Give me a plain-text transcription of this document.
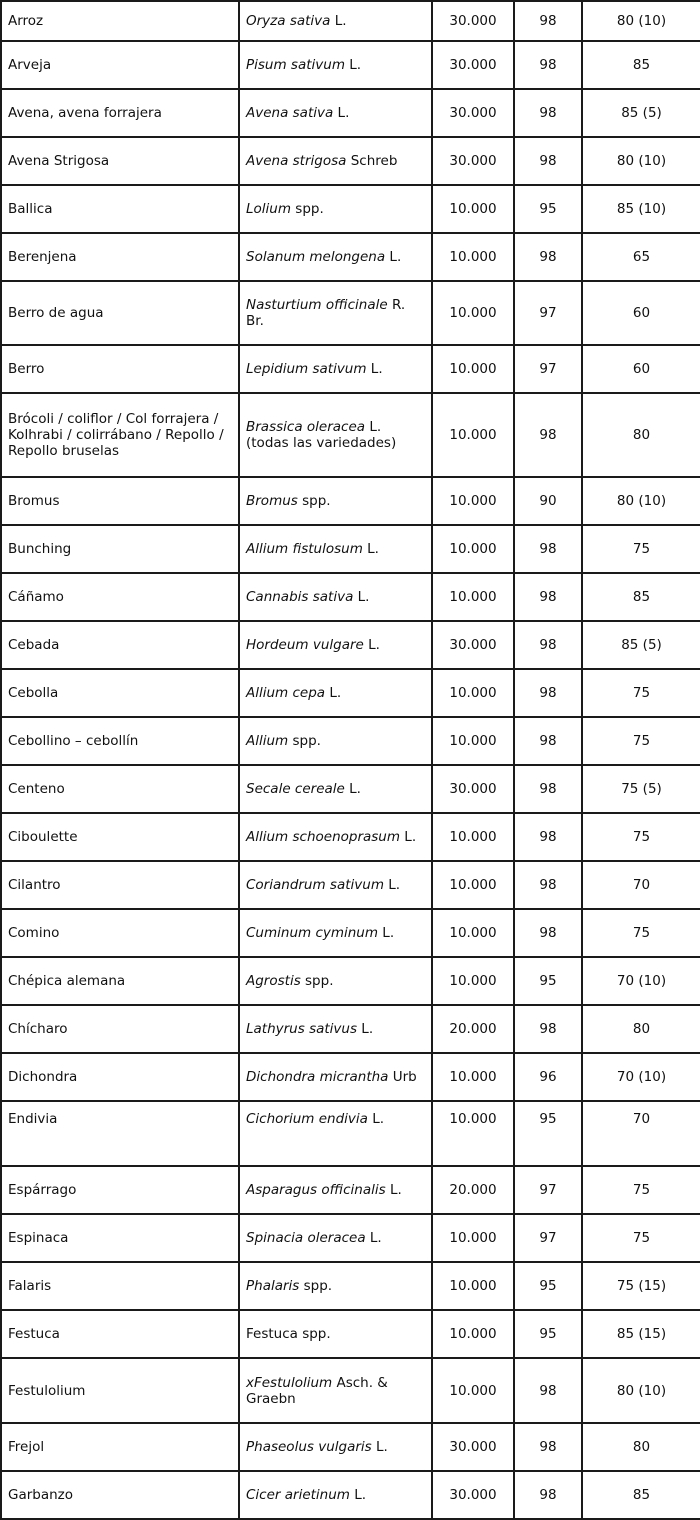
Arroz	Oryza sativa L.	30.000	98	80 (10)
Arveja	Pisum sativum L.	30.000	98	85
Avena, avena forrajera	Avena sativa L.	30.000	98	85 (5)
Avena Strigosa	Avena strigosa Schreb	30.000	98	80 (10)
Ballica	Lolium spp.	10.000	95	85 (10)
Berenjena	Solanum melongena L.	10.000	98	65
Berro de agua	Nasturtium officinale R. Br.	10.000	97	60
Berro	Lepidium sativum L.	10.000	97	60
Brócoli / coliflor / Col forrajera / Kolhrabi / colirrábano / Repollo / Repollo bruselas	Brassica oleracea L. (todas las variedades)	10.000	98	80
Bromus	Bromus spp.	10.000	90	80 (10)
Bunching	Allium fistulosum L.	10.000	98	75
Cáñamo	Cannabis sativa L.	10.000	98	85
Cebada	Hordeum vulgare L.	30.000	98	85 (5)
Cebolla	Allium cepa L.	10.000	98	75
Cebollino – cebollín	Allium spp.	10.000	98	75
Centeno	Secale cereale L.	30.000	98	75 (5)
Ciboulette	Allium schoenoprasum L.	10.000	98	75
Cilantro	Coriandrum sativum L.	10.000	98	70
Comino	Cuminum cyminum L.	10.000	98	75
Chépica alemana	Agrostis spp.	10.000	95	70 (10)
Chícharo	Lathyrus sativus L.	20.000	98	80
Dichondra	Dichondra micrantha Urb	10.000	96	70 (10)
Endivia	Cichorium endivia L.	10.000	95	70
Espárrago	Asparagus officinalis L.	20.000	97	75
Espinaca	Spinacia oleracea L.	10.000	97	75
Falaris	Phalaris spp.	10.000	95	75 (15)
Festuca	Festuca spp.	10.000	95	85 (15)
Festulolium	xFestulolium Asch. & Graebn	10.000	98	80 (10)
Frejol	Phaseolus vulgaris L.	30.000	98	80
Garbanzo	Cicer arietinum L.	30.000	98	85
